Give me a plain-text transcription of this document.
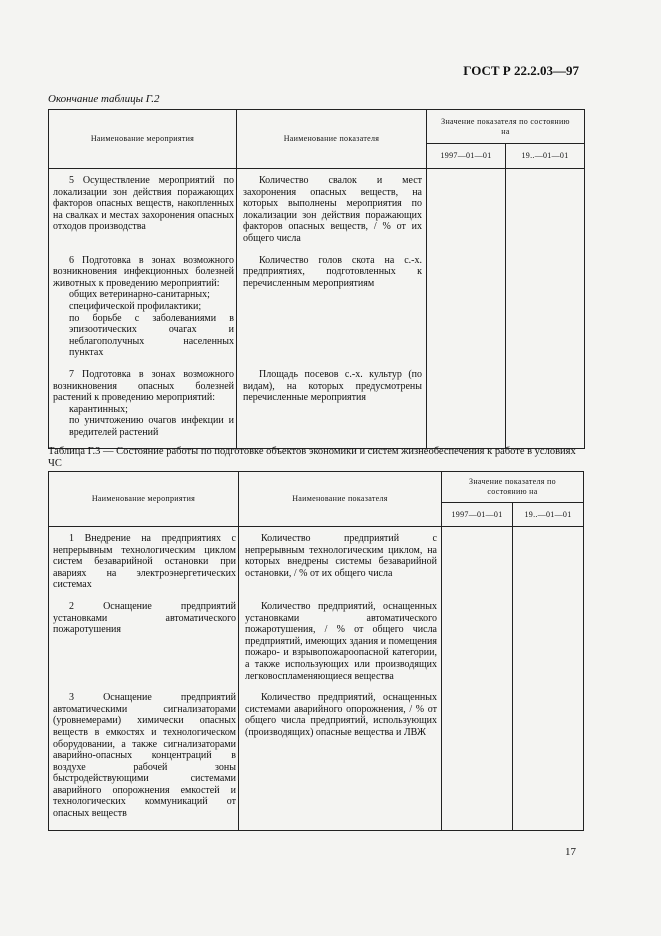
ГОСТ Р 22.2.03—97
Окончание таблицы Г.2
Наименование мероприятия	Наименование показателя	Значение показателя по состоянию на	
		1997—01—01	19..—01—01

5 Осуществление мероприятий по локализации зон действия поражающих факторов опасных веществ, накопленных на свалках и местах захоронения опасных отходов производства	Количество свалок и мест захоронения опасных веществ, на которых выполнены мероприятия по локализации зон действия поражающих факторов опасных веществ, / % от их общего числа		

6 Подготовка в зонах возможного возникновения инфекционных болезней животных к проведению мероприятий:
общих ветеринарно-санитарных;
специфической профилактики;
по борьбе с заболеваниями в эпизоотических очагах и неблагополучных населенных пунктах	Количество голов скота на с.-х. предприятиях, подготовленных к перечисленным мероприятиям		

7 Подготовка в зонах возможного возникновения опасных болезней растений к проведению мероприятий:
карантинных;
по уничтожению очагов инфекции и вредителей растений	Площадь посевов с.-х. культур (по видам), на которых предусмотрены перечисленные мероприятия		

Таблица Г.3 — Состояние работы по подготовке объектов экономики и систем жизнеобеспечения к работе в условиях ЧС
Наименование мероприятия	Наименование показателя	Значение показателя по состоянию на	
		1997—01—01	19..—01—01

1 Внедрение на предприятиях с непрерывным технологическим циклом систем безаварийной остановки при авариях на электроэнергетических системах	Количество предприятий с непрерывным технологическим циклом, на которых внедрены системы безаварийной остановки, / % от их общего числа		

2 Оснащение предприятий установками автоматического пожаротушения	Количество предприятий, оснащенных установками автоматического пожаротушения, / % от общего числа предприятий, имеющих здания и помещения пожаро- и взрывопожароопасной категории, а также использующих или производящих легковоспламеняющиеся вещества		

3 Оснащение предприятий автоматическими сигнализаторами (уровнемерами) химически опасных веществ в емкостях и технологическом оборудовании, а также сигнализаторами аварийно-опасных концентраций в воздухе рабочей зоны быстродействующими системами аварийного опорожнения емкостей и технологических коммуникаций от опасных веществ	Количество предприятий, оснащенных системами аварийного опорожнения, / % от общего числа предприятий, использующих (производящих) опасные вещества и ЛВЖ		

17
